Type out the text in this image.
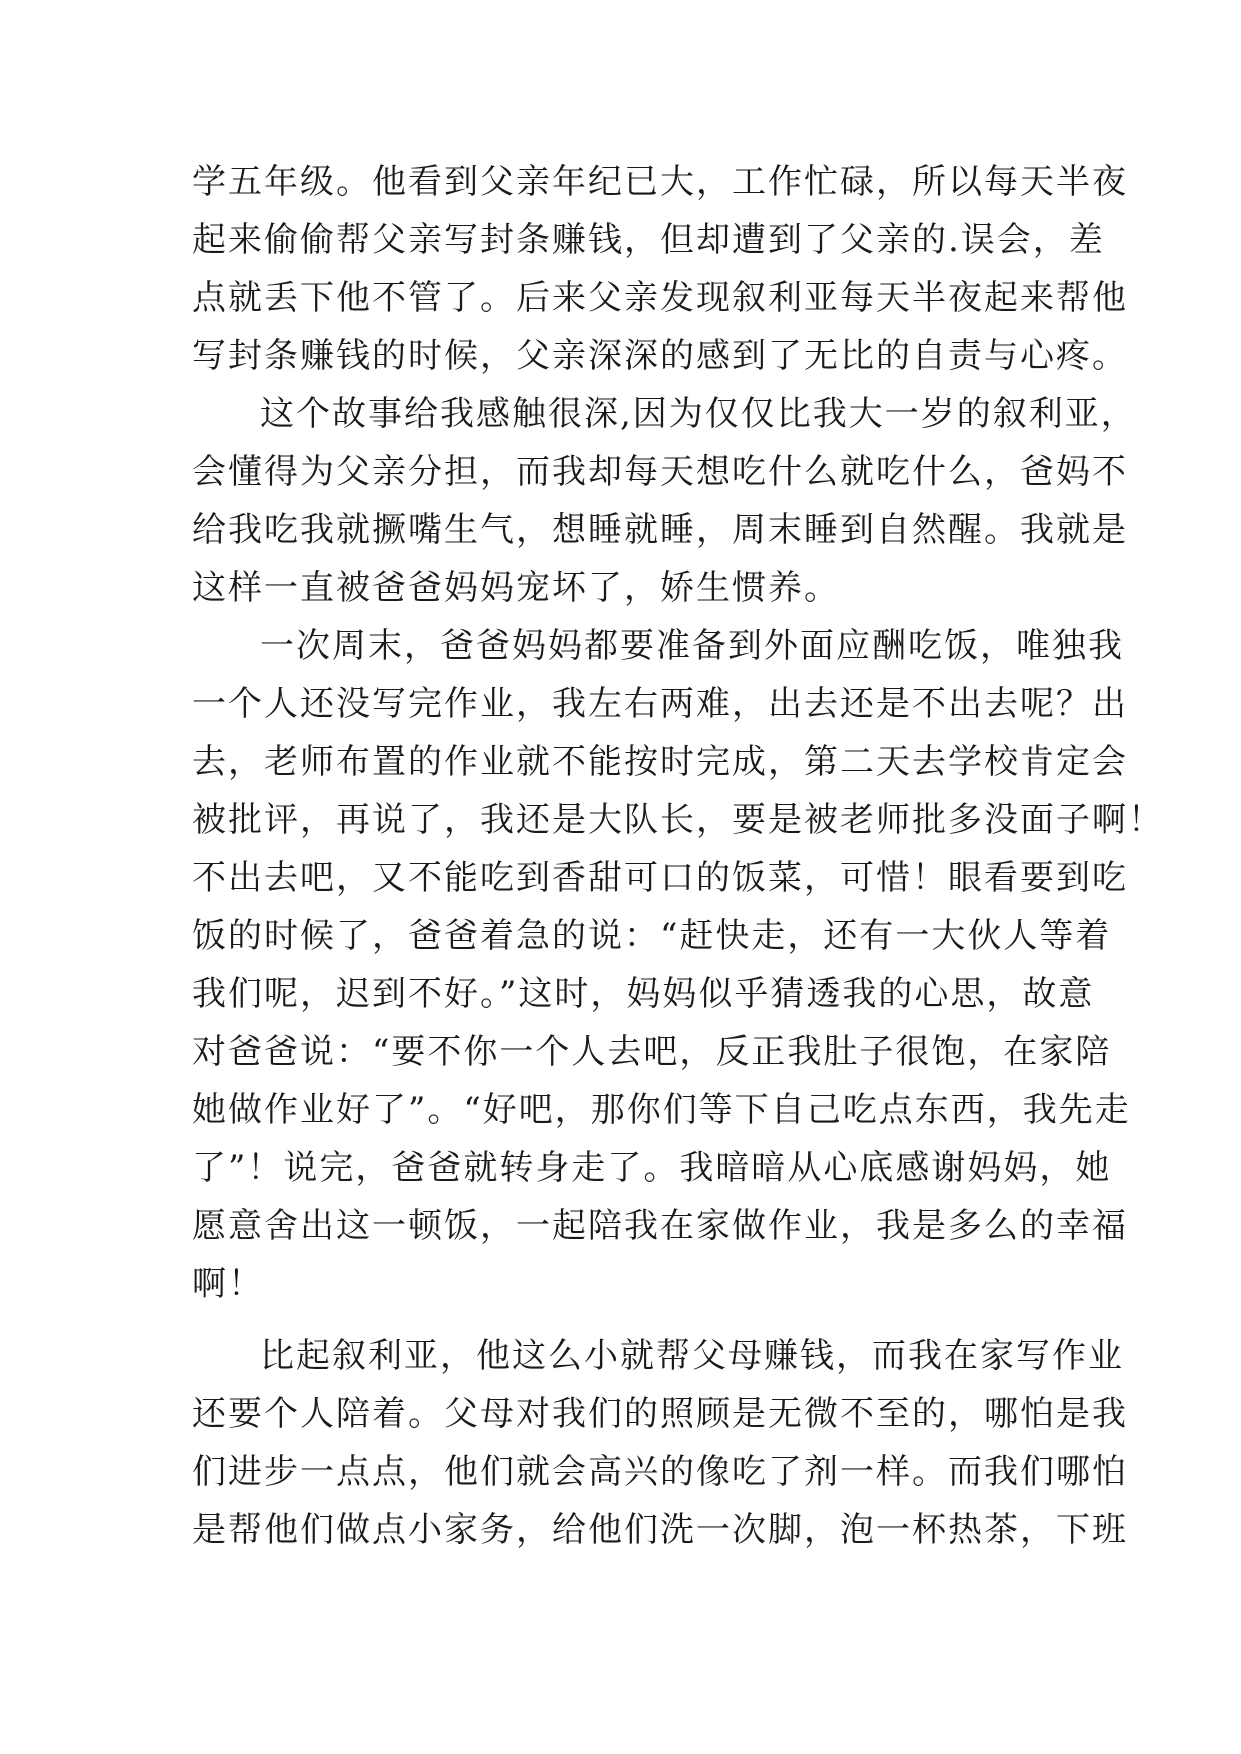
学五年级。他看到父亲年纪已大，工作忙碌，所以每天半夜
起来偷偷帮父亲写封条赚钱，但却遭到了父亲的.误会，差
点就丢下他不管了。后来父亲发现叙利亚每天半夜起来帮他
写封条赚钱的时候，父亲深深的感到了无比的自责与心疼。
这个故事给我感触很深,因为仅仅比我大一岁的叙利亚，
会懂得为父亲分担，而我却每天想吃什么就吃什么，爸妈不
给我吃我就撅嘴生气，想睡就睡，周末睡到自然醒。我就是
这样一直被爸爸妈妈宠坏了，娇生惯养。
一次周末，爸爸妈妈都要准备到外面应酬吃饭，唯独我
一个人还没写完作业，我左右两难，出去还是不出去呢？出
去，老师布置的作业就不能按时完成，第二天去学校肯定会
被批评，再说了，我还是大队长，要是被老师批多没面子啊！
不出去吧，又不能吃到香甜可口的饭菜，可惜！眼看要到吃
饭的时候了，爸爸着急的说：“赶快走，还有一大伙人等着
我们呢，迟到不好。”这时，妈妈似乎猜透我的心思，故意
对爸爸说：“要不你一个人去吧，反正我肚子很饱，在家陪
她做作业好了”。“好吧，那你们等下自己吃点东西，我先走
了”！说完，爸爸就转身走了。我暗暗从心底感谢妈妈，她
愿意舍出这一顿饭，一起陪我在家做作业，我是多么的幸福
啊！
比起叙利亚，他这么小就帮父母赚钱，而我在家写作业
还要个人陪着。父母对我们的照顾是无微不至的，哪怕是我
们进步一点点，他们就会高兴的像吃了剂一样。而我们哪怕
是帮他们做点小家务，给他们洗一次脚，泡一杯热茶，下班
